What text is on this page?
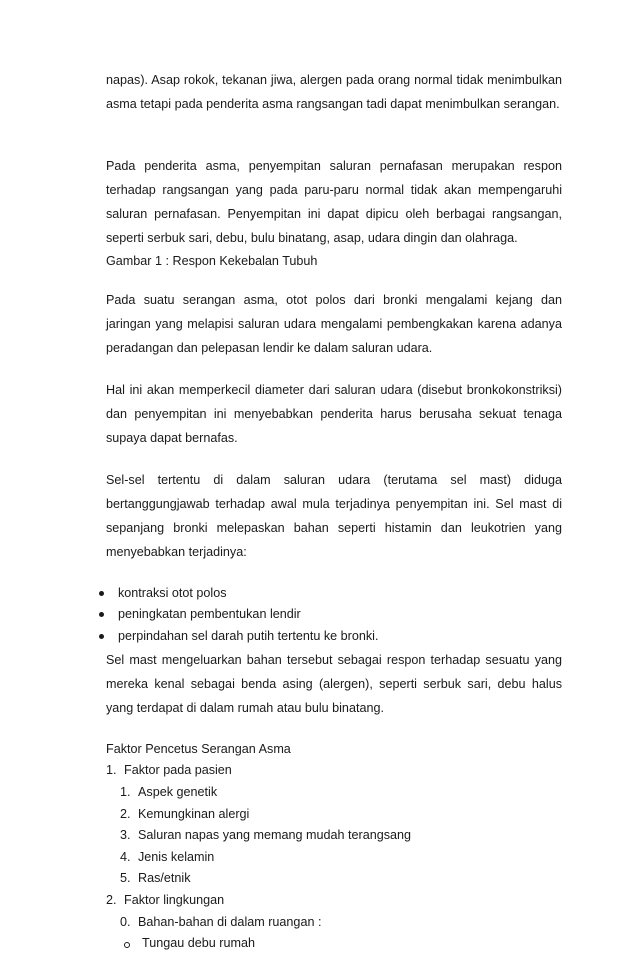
napas). Asap rokok, tekanan jiwa, alergen pada orang normal tidak menimbulkan asma tetapi pada penderita asma rangsangan tadi dapat menimbulkan serangan.

Pada penderita asma, penyempitan saluran pernafasan merupakan respon terhadap rangsangan yang pada paru-paru normal tidak akan mempengaruhi saluran pernafasan. Penyempitan ini dapat dipicu oleh berbagai rangsangan, seperti serbuk sari, debu, bulu binatang, asap, udara dingin dan olahraga.

Gambar 1 : Respon Kekebalan Tubuh

Pada suatu serangan asma, otot polos dari bronki mengalami kejang dan jaringan yang melapisi saluran udara mengalami pembengkakan karena adanya peradangan dan pelepasan lendir ke dalam saluran udara.

Hal ini akan memperkecil diameter dari saluran udara (disebut bronkokonstriksi) dan penyempitan ini menyebabkan penderita harus berusaha sekuat tenaga supaya dapat bernafas.

Sel-sel tertentu di dalam saluran udara (terutama sel mast) diduga bertanggungjawab terhadap awal mula terjadinya penyempitan ini. Sel mast di sepanjang bronki melepaskan bahan seperti histamin dan leukotrien yang menyebabkan terjadinya:

kontraksi otot polos
peningkatan pembentukan lendir
perpindahan sel darah putih tertentu ke bronki.

Sel mast mengeluarkan bahan tersebut sebagai respon terhadap sesuatu yang mereka kenal sebagai benda asing (alergen), seperti serbuk sari, debu halus yang terdapat di dalam rumah atau bulu binatang.

Faktor Pencetus Serangan Asma
1. Faktor pada pasien
1. Aspek genetik
2. Kemungkinan alergi
3. Saluran napas yang memang mudah terangsang
4. Jenis kelamin
5. Ras/etnik
2. Faktor lingkungan
0. Bahan-bahan di dalam ruangan :
Tungau debu rumah
